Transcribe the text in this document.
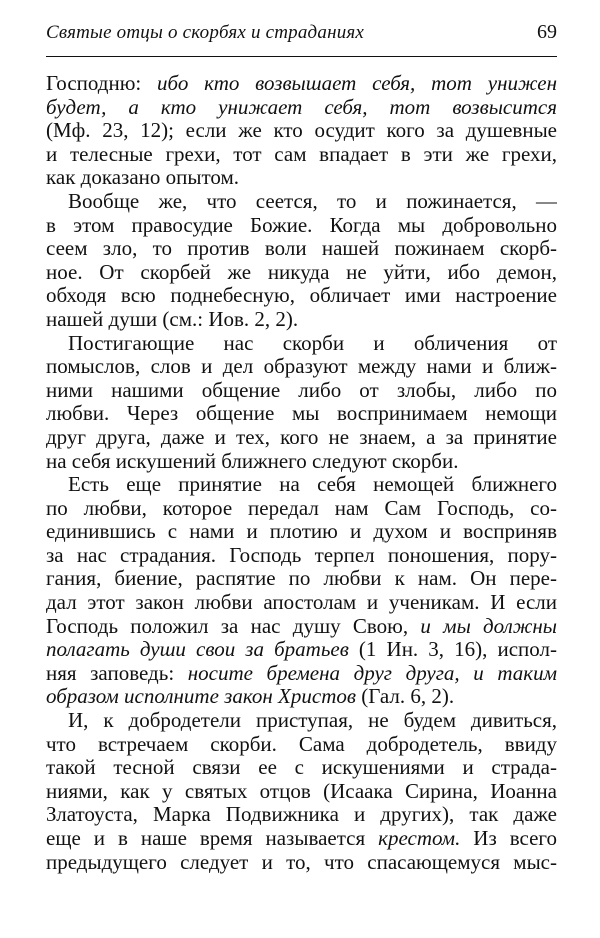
Святые отцы о скорбях и страданиях	69
Господню: ибо кто возвышает себя, тот унижен
будет, а кто унижает себя, тот возвысится
(Мф. 23, 12); если же кто осудит кого за душевные
и телесные грехи, тот сам впадает в эти же грехи,
как доказано опытом.
Вообще же, что сеется, то и пожинается, —
в этом правосудие Божие. Когда мы добровольно
сеем зло, то против воли нашей пожинаем скорб-
ное. От скорбей же никуда не уйти, ибо демон,
обходя всю поднебесную, обличает ими настроение
нашей души (см.: Иов. 2, 2).
Постигающие нас скорби и обличения от
помыслов, слов и дел образуют между нами и ближ-
ними нашими общение либо от злобы, либо по
любви. Через общение мы воспринимаем немощи
друг друга, даже и тех, кого не знаем, а за принятие
на себя искушений ближнего следуют скорби.
Есть еще принятие на себя немощей ближнего
по любви, которое передал нам Сам Господь, со-
единившись с нами и плотию и духом и восприняв
за нас страдания. Господь терпел поношения, пору-
гания, биение, распятие по любви к нам. Он пере-
дал этот закон любви апостолам и ученикам. И если
Господь положил за нас душу Свою, и мы должны
полагать души свои за братьев (1 Ин. 3, 16), испол-
няя заповедь: носите бремена друг друга, и таким
образом исполните закон Христов (Гал. 6, 2).
И, к добродетели приступая, не будем дивиться,
что встречаем скорби. Сама добродетель, ввиду
такой тесной связи ее с искушениями и страда-
ниями, как у святых отцов (Исаака Сирина, Иоанна
Златоуста, Марка Подвижника и других), так даже
еще и в наше время называется крестом. Из всего
предыдущего следует и то, что спасающемуся мыс-
